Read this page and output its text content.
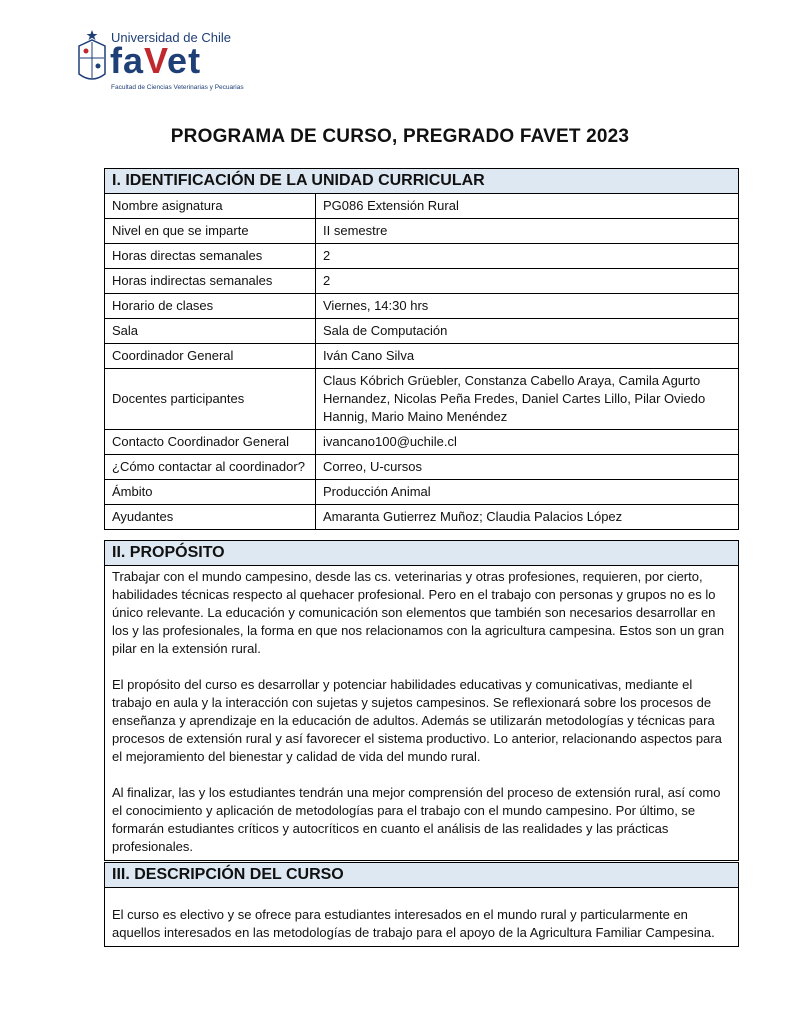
Universidad de Chile
faVet
Facultad de Ciencias Veterinarias y Pecuarias
PROGRAMA DE CURSO, PREGRADO FAVET 2023
I. IDENTIFICACIÓN DE LA UNIDAD CURRICULAR
Nombre asignatura	PG086 Extensión Rural
Nivel en que se imparte	II semestre
Horas directas semanales	2
Horas indirectas semanales	2
Horario de clases	Viernes, 14:30 hrs
Sala	Sala de Computación
Coordinador General	Iván Cano Silva
Docentes participantes	Claus Kóbrich Grüebler, Constanza Cabello Araya, Camila Agurto Hernandez, Nicolas Peña Fredes, Daniel Cartes Lillo, Pilar Oviedo Hannig, Mario Maino Menéndez
Contacto Coordinador General	ivancano100@uchile.cl
¿Cómo contactar al coordinador?	Correo, U-cursos
Ámbito	Producción Animal
Ayudantes	Amaranta Gutierrez Muñoz; Claudia Palacios López
II. PROPÓSITO

Trabajar con el mundo campesino, desde las cs. veterinarias y otras profesiones, requieren, por cierto, habilidades técnicas respecto al quehacer profesional. Pero en el trabajo con personas y grupos no es lo único relevante. La educación y comunicación son elementos que también son necesarios desarrollar en los y las profesionales, la forma en que nos relacionamos con la agricultura campesina. Estos son un gran pilar en la extensión rural.

El propósito del curso es desarrollar y potenciar habilidades educativas y comunicativas, mediante el trabajo en aula y la interacción con sujetas y sujetos campesinos. Se reflexionará sobre los procesos de enseñanza y aprendizaje en la educación de adultos. Además se utilizarán metodologías y técnicas para procesos de extensión rural y así favorecer el sistema productivo. Lo anterior, relacionando aspectos para el mejoramiento del bienestar y calidad de vida del mundo rural.

Al finalizar, las y los estudiantes tendrán una mejor comprensión del proceso de extensión rural, así como el conocimiento y aplicación de metodologías para el trabajo con el mundo campesino. Por último, se formarán estudiantes críticos y autocríticos en cuanto el análisis de las realidades y las prácticas profesionales.

III. DESCRIPCIÓN DEL CURSO

El curso es electivo y se ofrece para estudiantes interesados en el mundo rural y particularmente en aquellos interesados en las metodologías de trabajo para el apoyo de la Agricultura Familiar Campesina.
